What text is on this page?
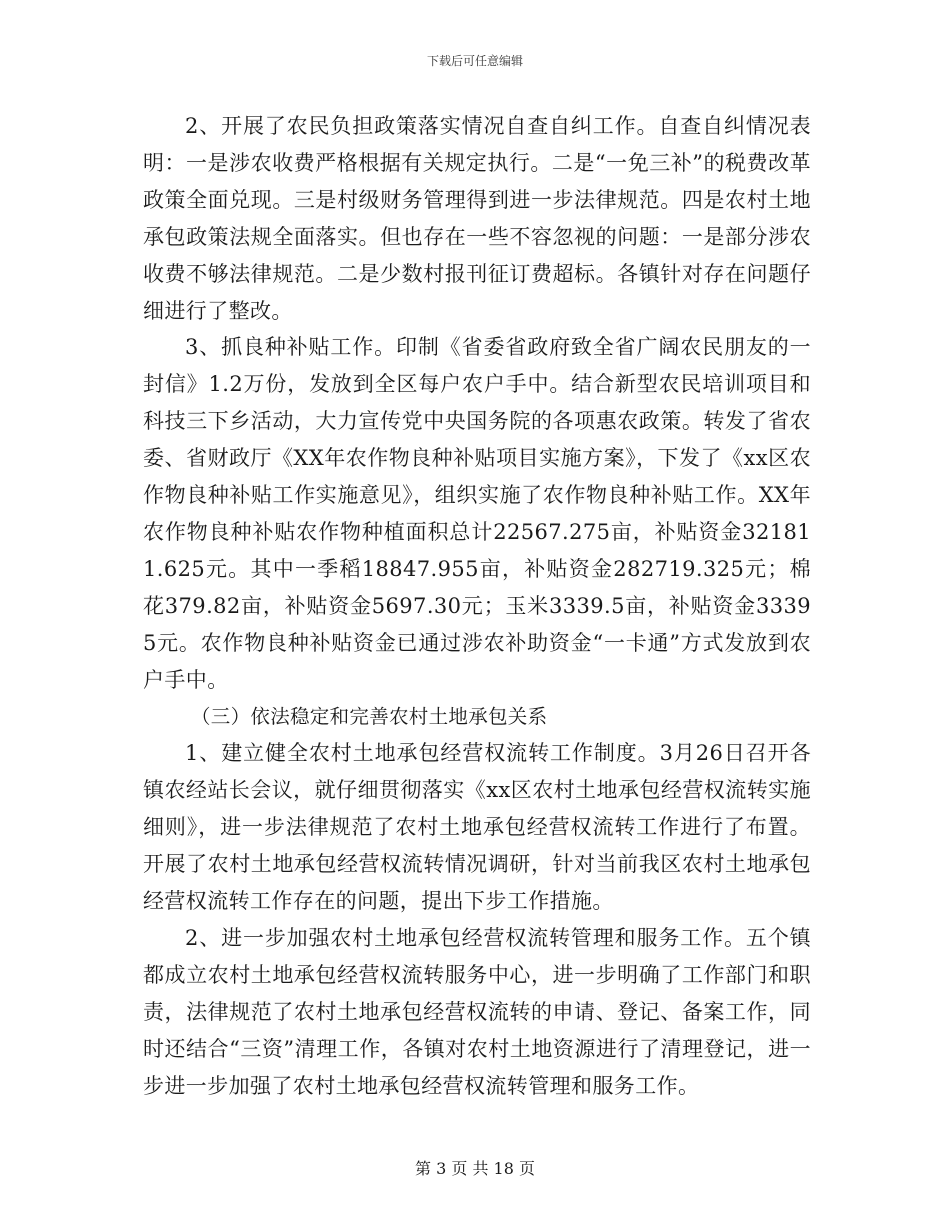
下载后可任意编辑

2、开展了农民负担政策落实情况自查自纠工作。自查自纠情况表明：一是涉农收费严格根据有关规定执行。二是“一免三补”的税费改革政策全面兑现。三是村级财务管理得到进一步法律规范。四是农村土地承包政策法规全面落实。但也存在一些不容忽视的问题：一是部分涉农收费不够法律规范。二是少数村报刊征订费超标。各镇针对存在问题仔细进行了整改。

3、抓良种补贴工作。印制《省委省政府致全省广阔农民朋友的一封信》1.2万份，发放到全区每户农户手中。结合新型农民培训项目和科技三下乡活动，大力宣传党中央国务院的各项惠农政策。转发了省农委、省财政厅《XX年农作物良种补贴项目实施方案》，下发了《xx区农作物良种补贴工作实施意见》，组织实施了农作物良种补贴工作。XX年农作物良种补贴农作物种植面积总计22567.275亩，补贴资金321811.625元。其中一季稻18847.955亩，补贴资金282719.325元；棉花379.82亩，补贴资金5697.30元；玉米3339.5亩，补贴资金33395元。农作物良种补贴资金已通过涉农补助资金“一卡通”方式发放到农户手中。

（三）依法稳定和完善农村土地承包关系

1、建立健全农村土地承包经营权流转工作制度。3月26日召开各镇农经站长会议，就仔细贯彻落实《xx区农村土地承包经营权流转实施细则》，进一步法律规范了农村土地承包经营权流转工作进行了布置。开展了农村土地承包经营权流转情况调研，针对当前我区农村土地承包经营权流转工作存在的问题，提出下步工作措施。

2、进一步加强农村土地承包经营权流转管理和服务工作。五个镇都成立农村土地承包经营权流转服务中心，进一步明确了工作部门和职责，法律规范了农村土地承包经营权流转的申请、登记、备案工作，同时还结合“三资”清理工作，各镇对农村土地资源进行了清理登记，进一步进一步加强了农村土地承包经营权流转管理和服务工作。

第 3 页 共 18 页
